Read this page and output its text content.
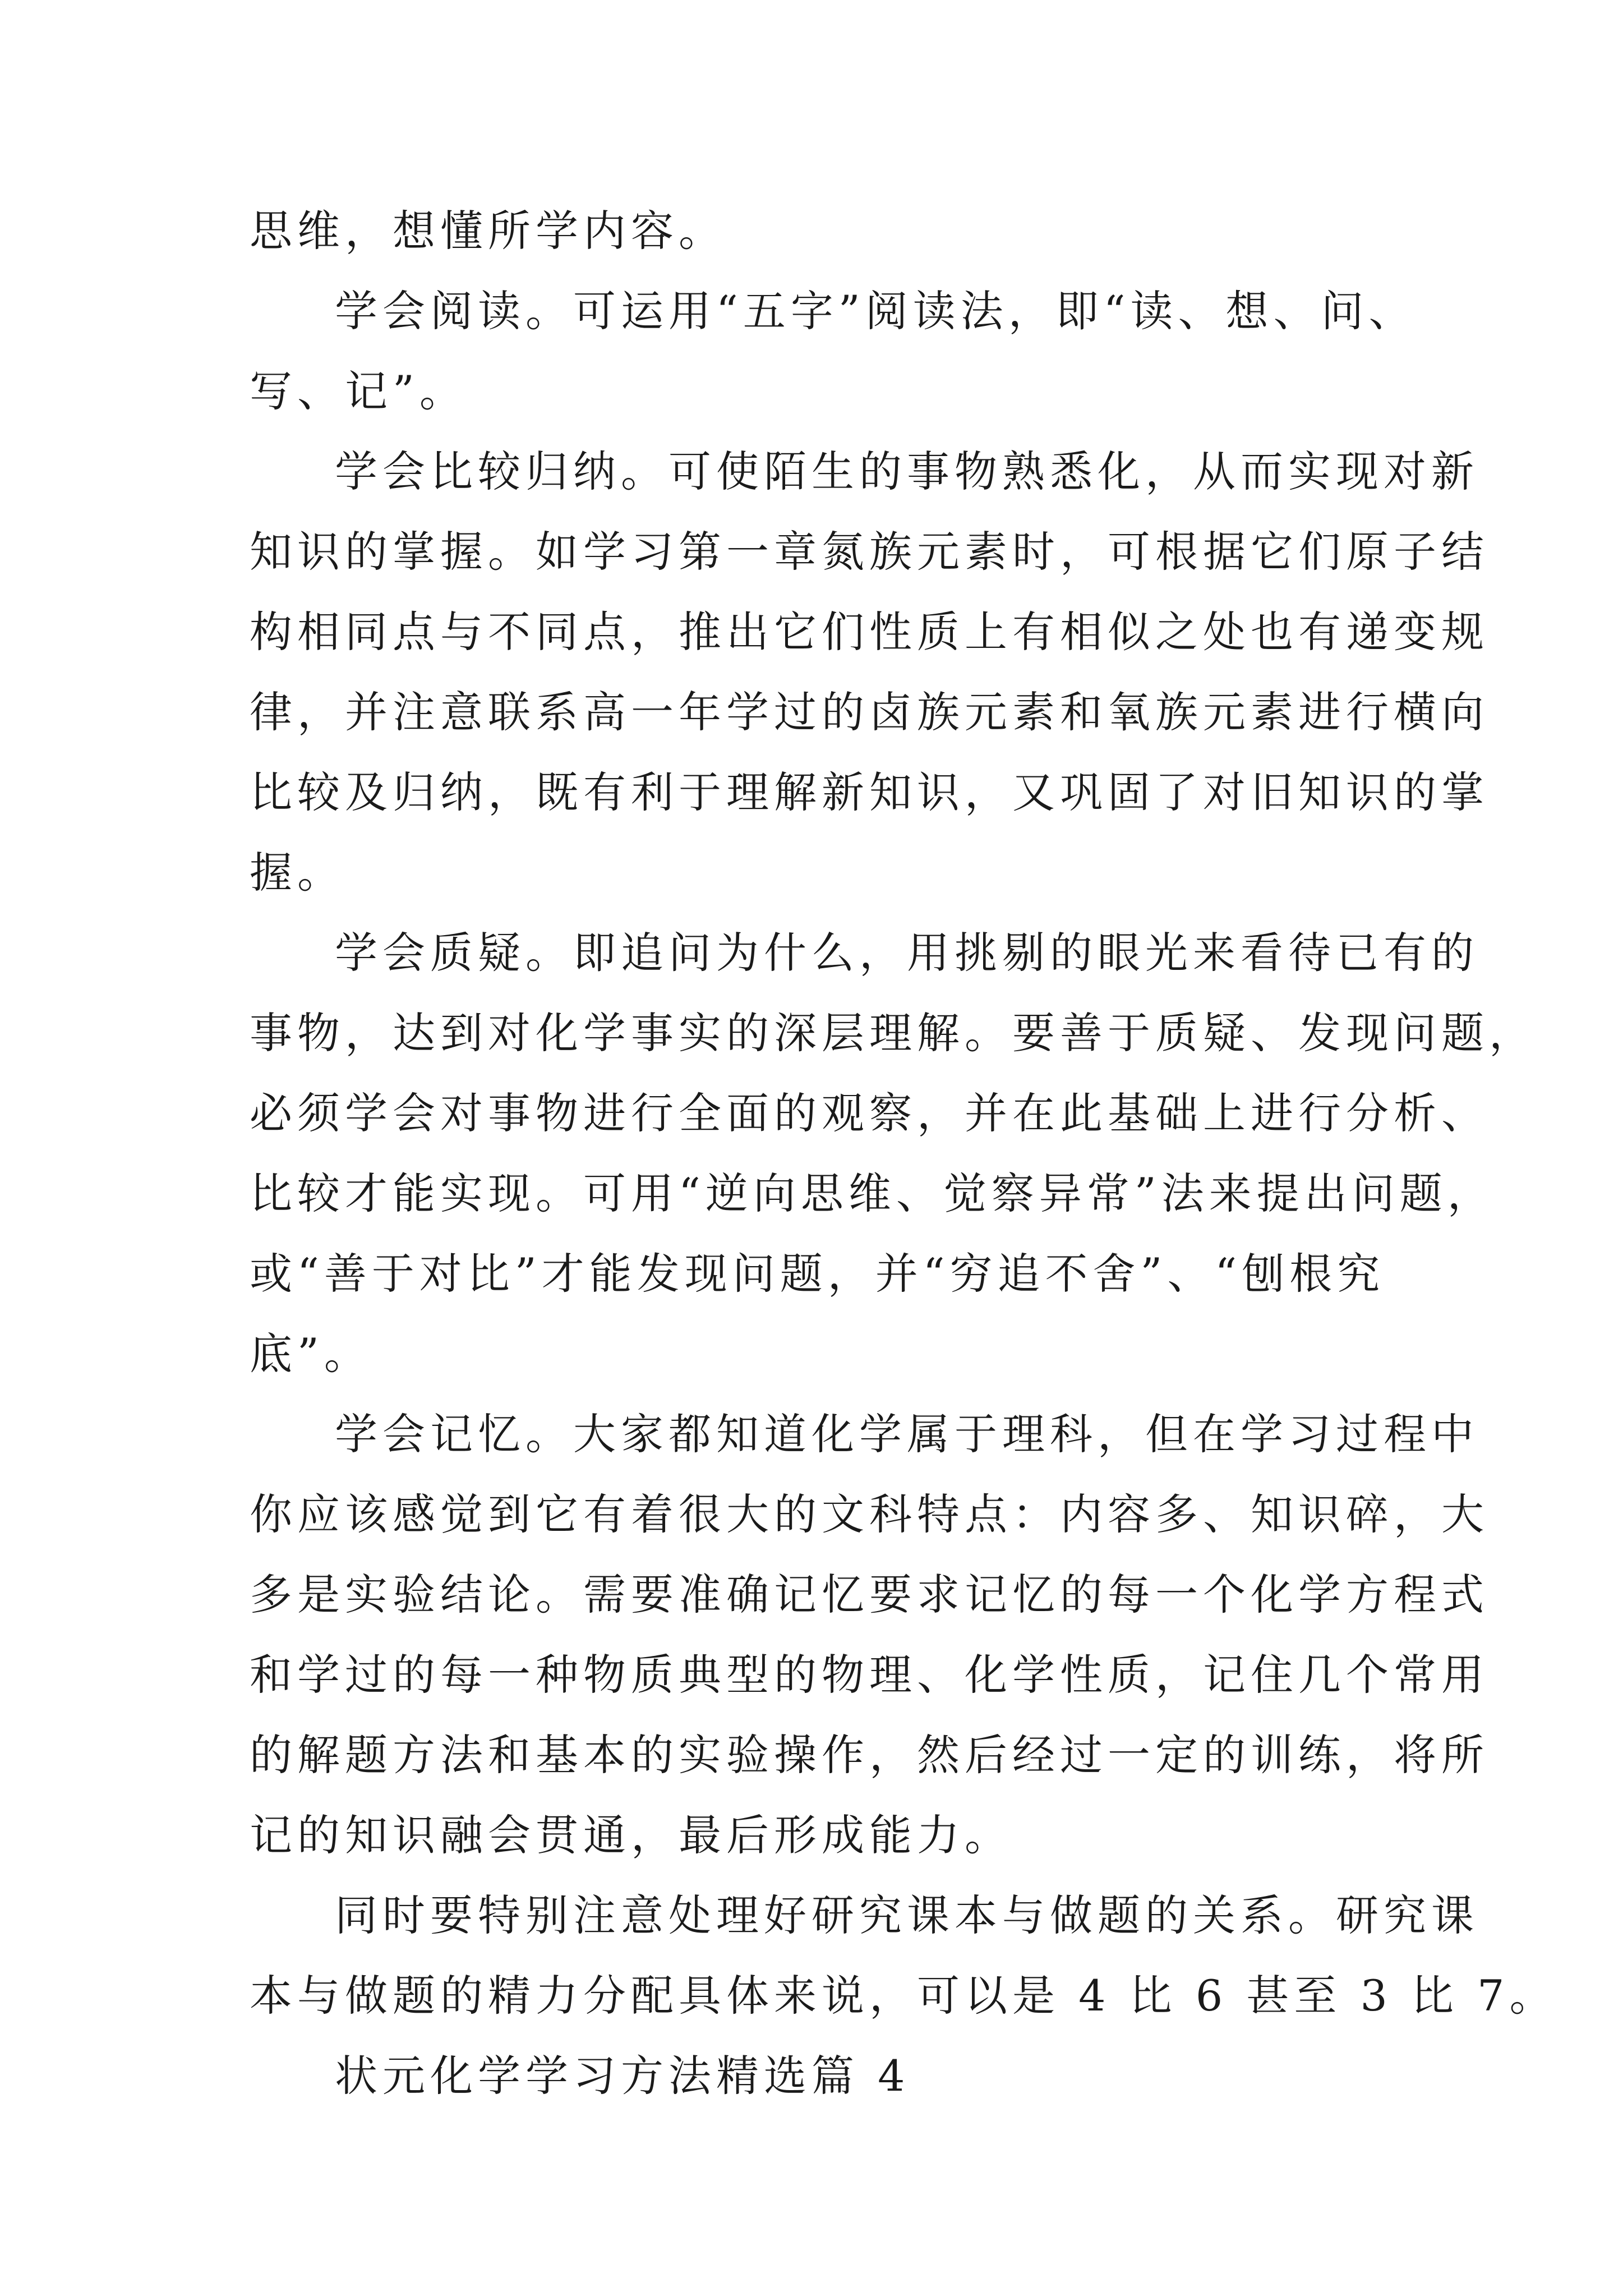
思维，想懂所学内容。
学会阅读。可运用“五字”阅读法，即“读、想、问、
写、记”。
学会比较归纳。可使陌生的事物熟悉化，从而实现对新
知识的掌握。如学习第一章氮族元素时，可根据它们原子结
构相同点与不同点，推出它们性质上有相似之处也有递变规
律，并注意联系高一年学过的卤族元素和氧族元素进行横向
比较及归纳，既有利于理解新知识，又巩固了对旧知识的掌
握。
学会质疑。即追问为什么，用挑剔的眼光来看待已有的
事物，达到对化学事实的深层理解。要善于质疑、发现问题，
必须学会对事物进行全面的观察，并在此基础上进行分析、
比较才能实现。可用“逆向思维、觉察异常”法来提出问题，
或“善于对比”才能发现问题，并“穷追不舍”、“刨根究
底”。
学会记忆。大家都知道化学属于理科，但在学习过程中
你应该感觉到它有着很大的文科特点：内容多、知识碎，大
多是实验结论。需要准确记忆要求记忆的每一个化学方程式
和学过的每一种物质典型的物理、化学性质，记住几个常用
的解题方法和基本的实验操作，然后经过一定的训练，将所
记的知识融会贯通，最后形成能力。
同时要特别注意处理好研究课本与做题的关系。研究课
本与做题的精力分配具体来说，可以是 4 比 6 甚至 3 比 7。
状元化学学习方法精选篇 4
